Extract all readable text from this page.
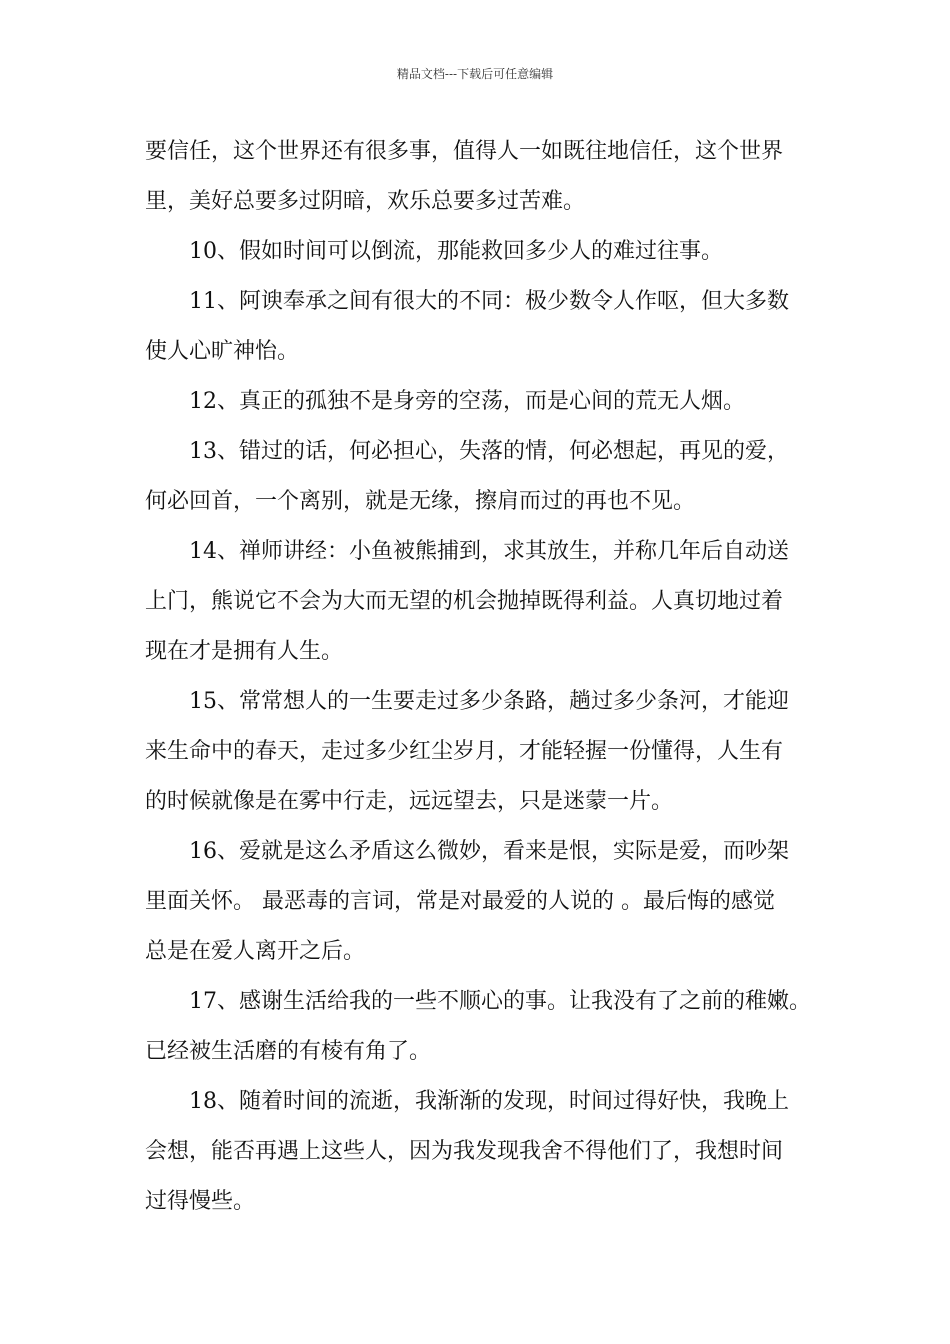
精品文档---下载后可任意编辑
要信任，这个世界还有很多事，值得人一如既往地信任，这个世界
里，美好总要多过阴暗，欢乐总要多过苦难。
10、假如时间可以倒流，那能救回多少人的难过往事。
11、阿谀奉承之间有很大的不同：极少数令人作呕，但大多数
使人心旷神怡。
12、真正的孤独不是身旁的空荡，而是心间的荒无人烟。
13、错过的话，何必担心，失落的情，何必想起，再见的爱，
何必回首，一个离别，就是无缘，擦肩而过的再也不见。
14、禅师讲经：小鱼被熊捕到，求其放生，并称几年后自动送
上门，熊说它不会为大而无望的机会抛掉既得利益。人真切地过着
现在才是拥有人生。
15、常常想人的一生要走过多少条路，趟过多少条河，才能迎
来生命中的春天，走过多少红尘岁月，才能轻握一份懂得，人生有
的时候就像是在雾中行走，远远望去，只是迷蒙一片。
16、爱就是这么矛盾这么微妙，看来是恨，实际是爱，而吵架
里面关怀。 最恶毒的言词，常是对最爱的人说的 。最后悔的感觉
总是在爱人离开之后。
17、感谢生活给我的一些不顺心的事。让我没有了之前的稚嫩。
已经被生活磨的有棱有角了。
18、随着时间的流逝，我渐渐的发现，时间过得好快，我晚上
会想，能否再遇上这些人，因为我发现我舍不得他们了，我想时间
过得慢些。
